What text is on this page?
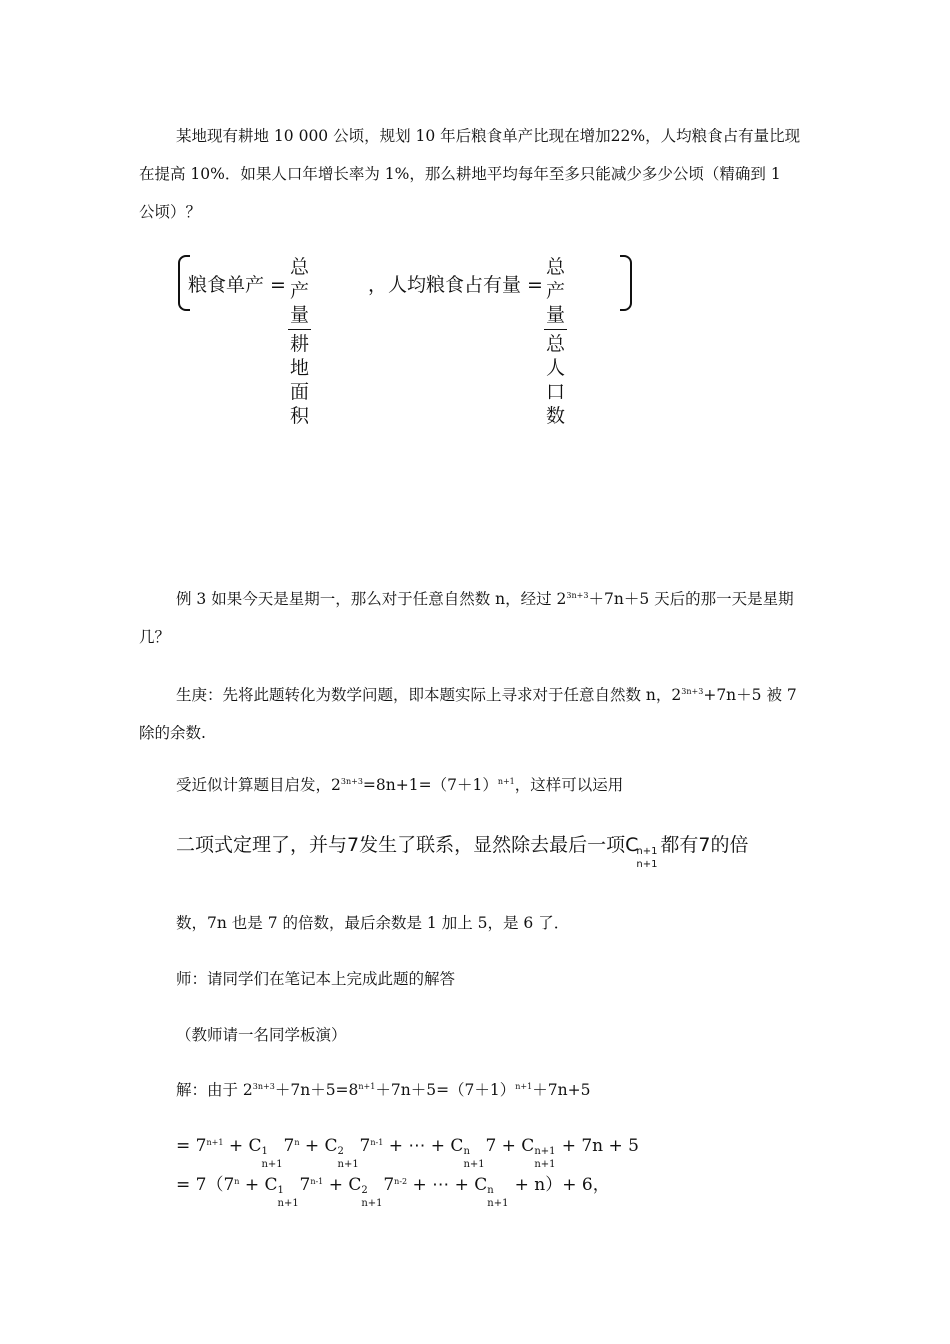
某地现有耕地 10 000 公顷，规划 10 年后粮食单产比现在增加22%，人均粮食占有量比现
在提高 10%．如果人口年增长率为 1%，那么耕地平均每年至多只能减少多少公顷（精确到 1
公顷）？
粮食单产 =
总产量
耕地面积
， 人均粮食占有量 =
总产量
总人口数
例 3 如果今天是星期一，那么对于任意自然数 n，经过 $2^{3n+3}+7n+5$ 天后的那一天是星期
几？
生庚：先将此题转化为数学问题，即本题实际上寻求对于任意自然数 n，$2^{3n+3}+7n+5$ 被 7
除的余数.
受近似计算题目启发，$2^{3n+3}=8n+1=(7+1)^{n+1}$，这样可以运用
二项式定理了，并与7发生了联系，显然除去最后一项C
n+1
n+1
都有7的倍
数，7n 也是 7 的倍数，最后余数是 1 加上 5，是 6 了．
师：请同学们在笔记本上完成此题的解答
（教师请一名同学板演）
解：由于 $2^{3n+3}+7n+5=8^{n+1}+7n+5=(7+1)^{n+1}+7n+5$
= $7^{n+1} + C$ 1
n+1
$7^n + C$ 2
n+1
$7^{n-1}$ + ⋯ + C n
n+1
7 + C n+1
n+1
+ 7n + 5
= $7(7^n + C$ 1
n+1
$7^{n-1} + C$ 2
n+1
$7^{n-2}$ + ⋯ + C n
n+1
+ n）+ 6，
